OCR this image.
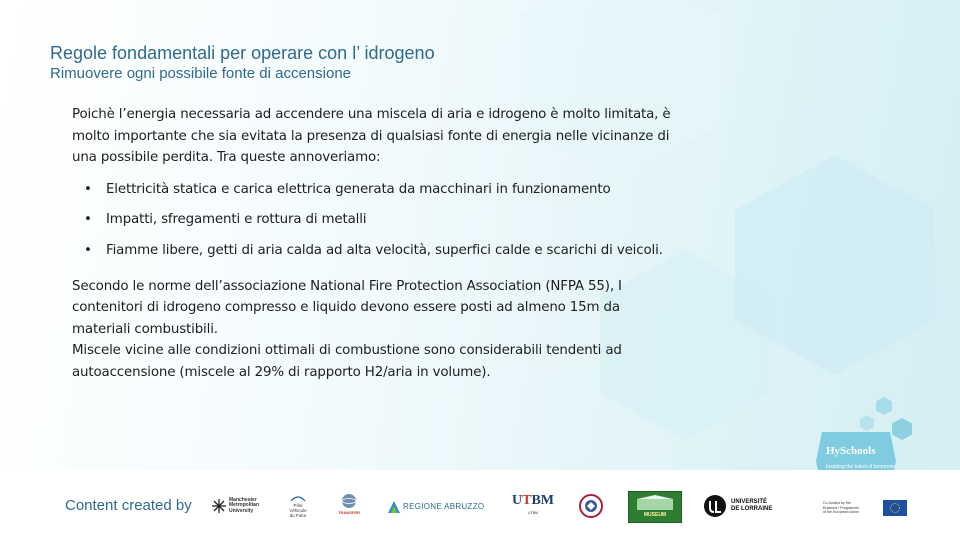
Regole fondamentali per operare con l’ idrogeno
Rimuovere ogni possibile fonte di accensione

Poichè l’energia necessaria ad accendere una miscela di aria e idrogeno è molto limitata, è molto importante che sia evitata la presenza di qualsiasi fonte di energia nelle vicinanze di una possibile perdita. Tra queste annoveriamo:

• Elettricità statica e carica elettrica generata da macchinari in funzionamento
• Impatti, sfregamenti e rottura di metalli
• Fiamme libere, getti di aria calda ad alta velocità, superfici calde e scarichi di veicoli.

Secondo le norme dell’associazione National Fire Protection Association (NFPA 55), I contenitori di idrogeno compresso e liquido devono essere posti ad almeno 15m da materiali combustibili.

Miscele vicine alle condizioni ottimali di combustione sono considerabili tendenti ad autoaccensione (miscele al 29% di rapporto H2/aria in volume).

HySchools
Inspiring the talent of tomorrow
Content created by	Manchester
Metropolitan
University
Pôle
Véhicule
du Futur	TRANSFER
REGIONE ABRUZZO UTBM
UTBM	MUSEUM
UNIVERSITÉ
DE LORRAINE
Co-funded by the
Erasmus+ Programme
of the European Union
